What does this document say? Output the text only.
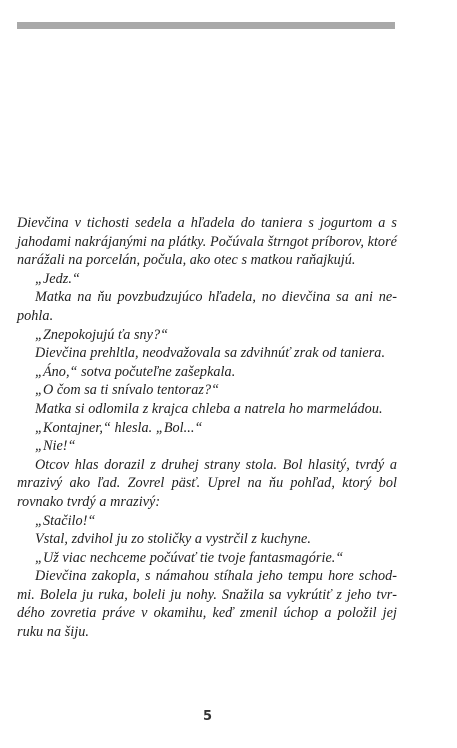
Dievčina v tichosti sedela a hľadela do taniera s jogurtom a s jahodami nakrájanými na plátky. Počúvala štrngot príborov, ktoré narážali na porcelán, počula, ako otec s matkou raňajkujú.

„Jedz.“

Matka na ňu povzbudzujúco hľadela, no dievčina sa ani nepohla.

„Znepokojujú ťa sny?“

Dievčina prehltla, neodvažovala sa zdvihnúť zrak od taniera.

„Áno,“ sotva počuteľne zašepkala.

„O čom sa ti snívalo tentoraz?“

Matka si odlomila z krajca chleba a natrela ho marmeládou.

„Kontajner,“ hlesla. „Bol...“

„Nie!“

Otcov hlas dorazil z druhej strany stola. Bol hlasitý, tvrdý a mrazivý ako ľad. Zovrel päsť. Uprel na ňu pohľad, ktorý bol rovnako tvrdý a mrazivý:

„Stačilo!“

Vstal, zdvihol ju zo stoličky a vystrčil z kuchyne.

„Už viac nechceme počúvať tie tvoje fantasmagórie.“

Dievčina zakopla, s námahou stíhala jeho tempu hore schodmi. Bolela ju ruka, boleli ju nohy. Snažila sa vykrútiť z jeho tvrdého zovretia práve v okamihu, keď zmenil úchop a položil jej ruku na šiju.

5
